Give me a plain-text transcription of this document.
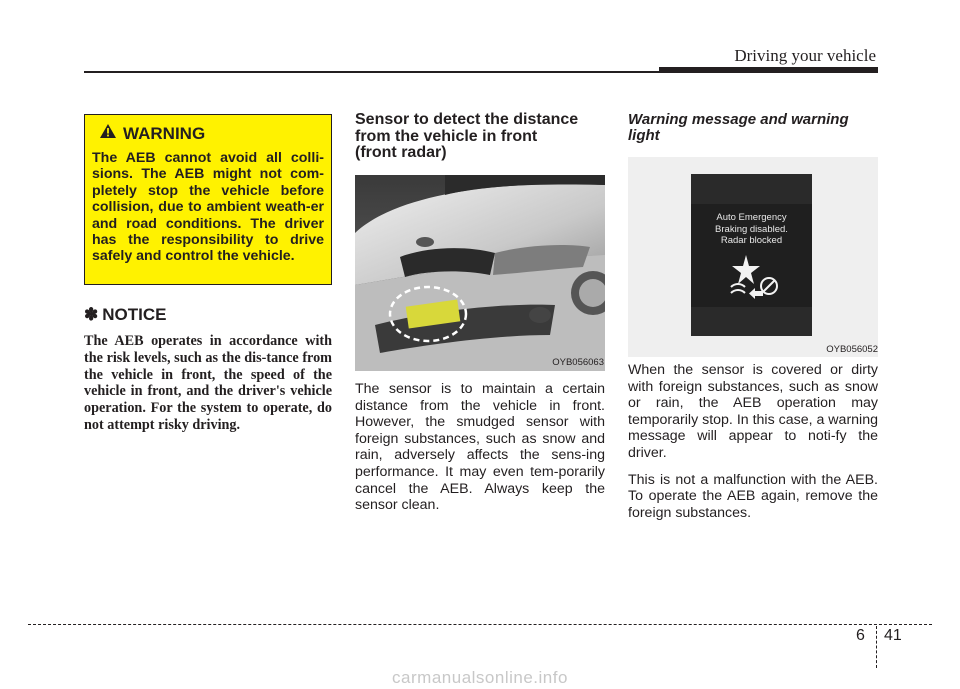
Driving your vehicle
WARNING
The AEB cannot avoid all colli-sions. The AEB might not com-pletely stop the vehicle before collision, due to ambient weath-er and road conditions. The driver has the responsibility to drive safely and control the vehicle.
✽ NOTICE
The AEB operates in accordance with the risk levels, such as the dis-tance from the vehicle in front, the speed of the vehicle in front, and the driver's vehicle operation. For the system to operate, do not attempt risky driving.
Sensor to detect the distance
from the vehicle in front
(front radar)
OYB056063
The sensor is to maintain a certain distance from the vehicle in front. However, the smudged sensor with foreign substances, such as snow and rain, adversely affects the sens-ing performance. It may even tem-porarily cancel the AEB. Always keep the sensor clean.
Warning message and warning
light
Auto Emergency
Braking disabled.
Radar blocked
OYB056052

When the sensor is covered or dirty with foreign substances, such as snow or rain, the AEB operation may temporarily stop. In this case, a warning message will appear to noti-fy the driver.

This is not a malfunction with the AEB. To operate the AEB again, remove the foreign substances.

6 41
carmanualsonline.info
